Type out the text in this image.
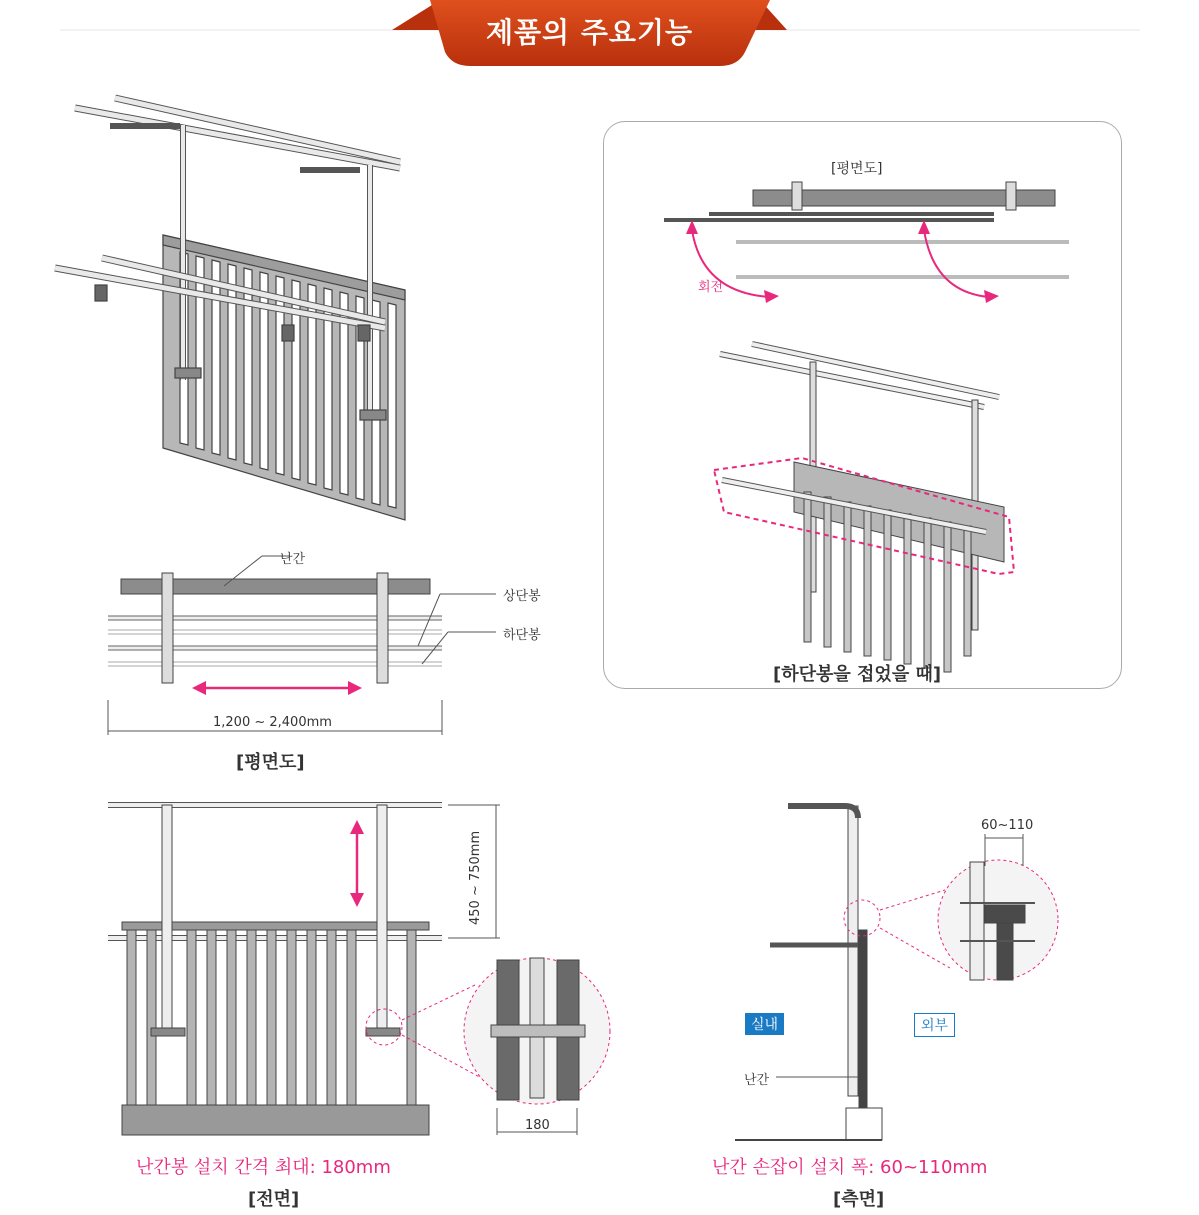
제품의 주요기능
난간
상단봉
하단봉
1,200 ~ 2,400mm
[평면도]
[평면도]
회전
[하단봉을 접었을 때]
450 ~ 750mm
180
난간봉 설치 간격 최대: 180mm
[전면]
60~110
실내	외부
난간
난간 손잡이 설치 폭: 60~110mm
[측면]
